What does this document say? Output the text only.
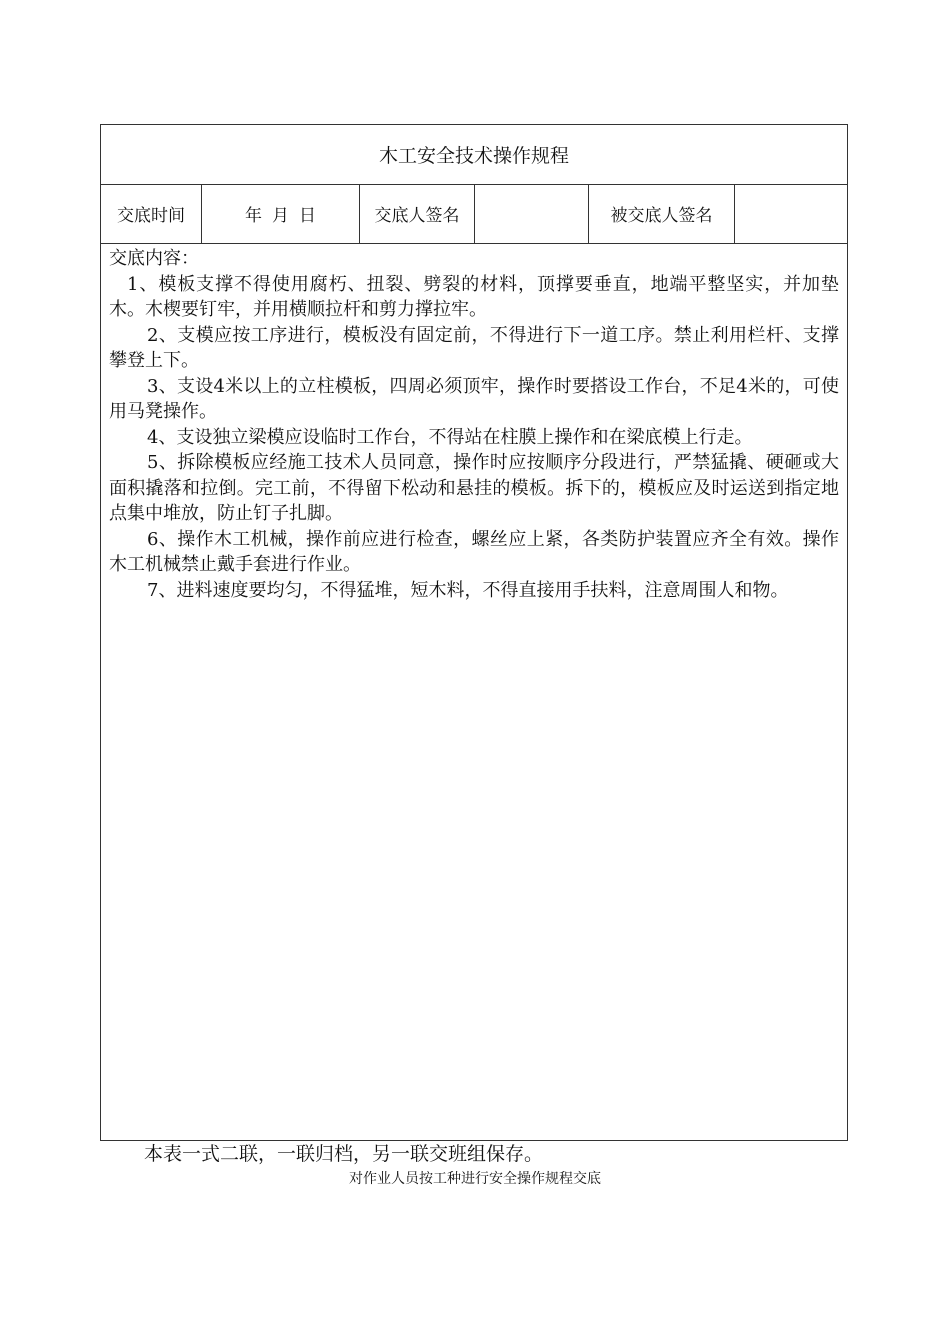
木工安全技术操作规程
交底时间	年 月 日	交底人签名	被交底人签名

交底内容：

1、模板支撑不得使用腐朽、扭裂、劈裂的材料，顶撑要垂直，地端平整坚实，并加垫木。木楔要钉牢，并用横顺拉杆和剪力撑拉牢。

2、支模应按工序进行，模板没有固定前，不得进行下一道工序。禁止利用栏杆、支撑攀登上下。

3、支设4米以上的立柱模板，四周必须顶牢，操作时要搭设工作台，不足4米的，可使用马凳操作。

4、支设独立梁模应设临时工作台，不得站在柱膜上操作和在梁底模上行走。

5、拆除模板应经施工技术人员同意，操作时应按顺序分段进行，严禁猛撬、硬砸或大面积撬落和拉倒。完工前，不得留下松动和悬挂的模板。拆下的，模板应及时运送到指定地点集中堆放，防止钉子扎脚。

6、操作木工机械，操作前应进行检查，螺丝应上紧，各类防护装置应齐全有效。操作木工机械禁止戴手套进行作业。

7、进料速度要均匀，不得猛堆，短木料，不得直接用手扶料，注意周围人和物。

本表一式二联，一联归档，另一联交班组保存。
对作业人员按工种进行安全操作规程交底
